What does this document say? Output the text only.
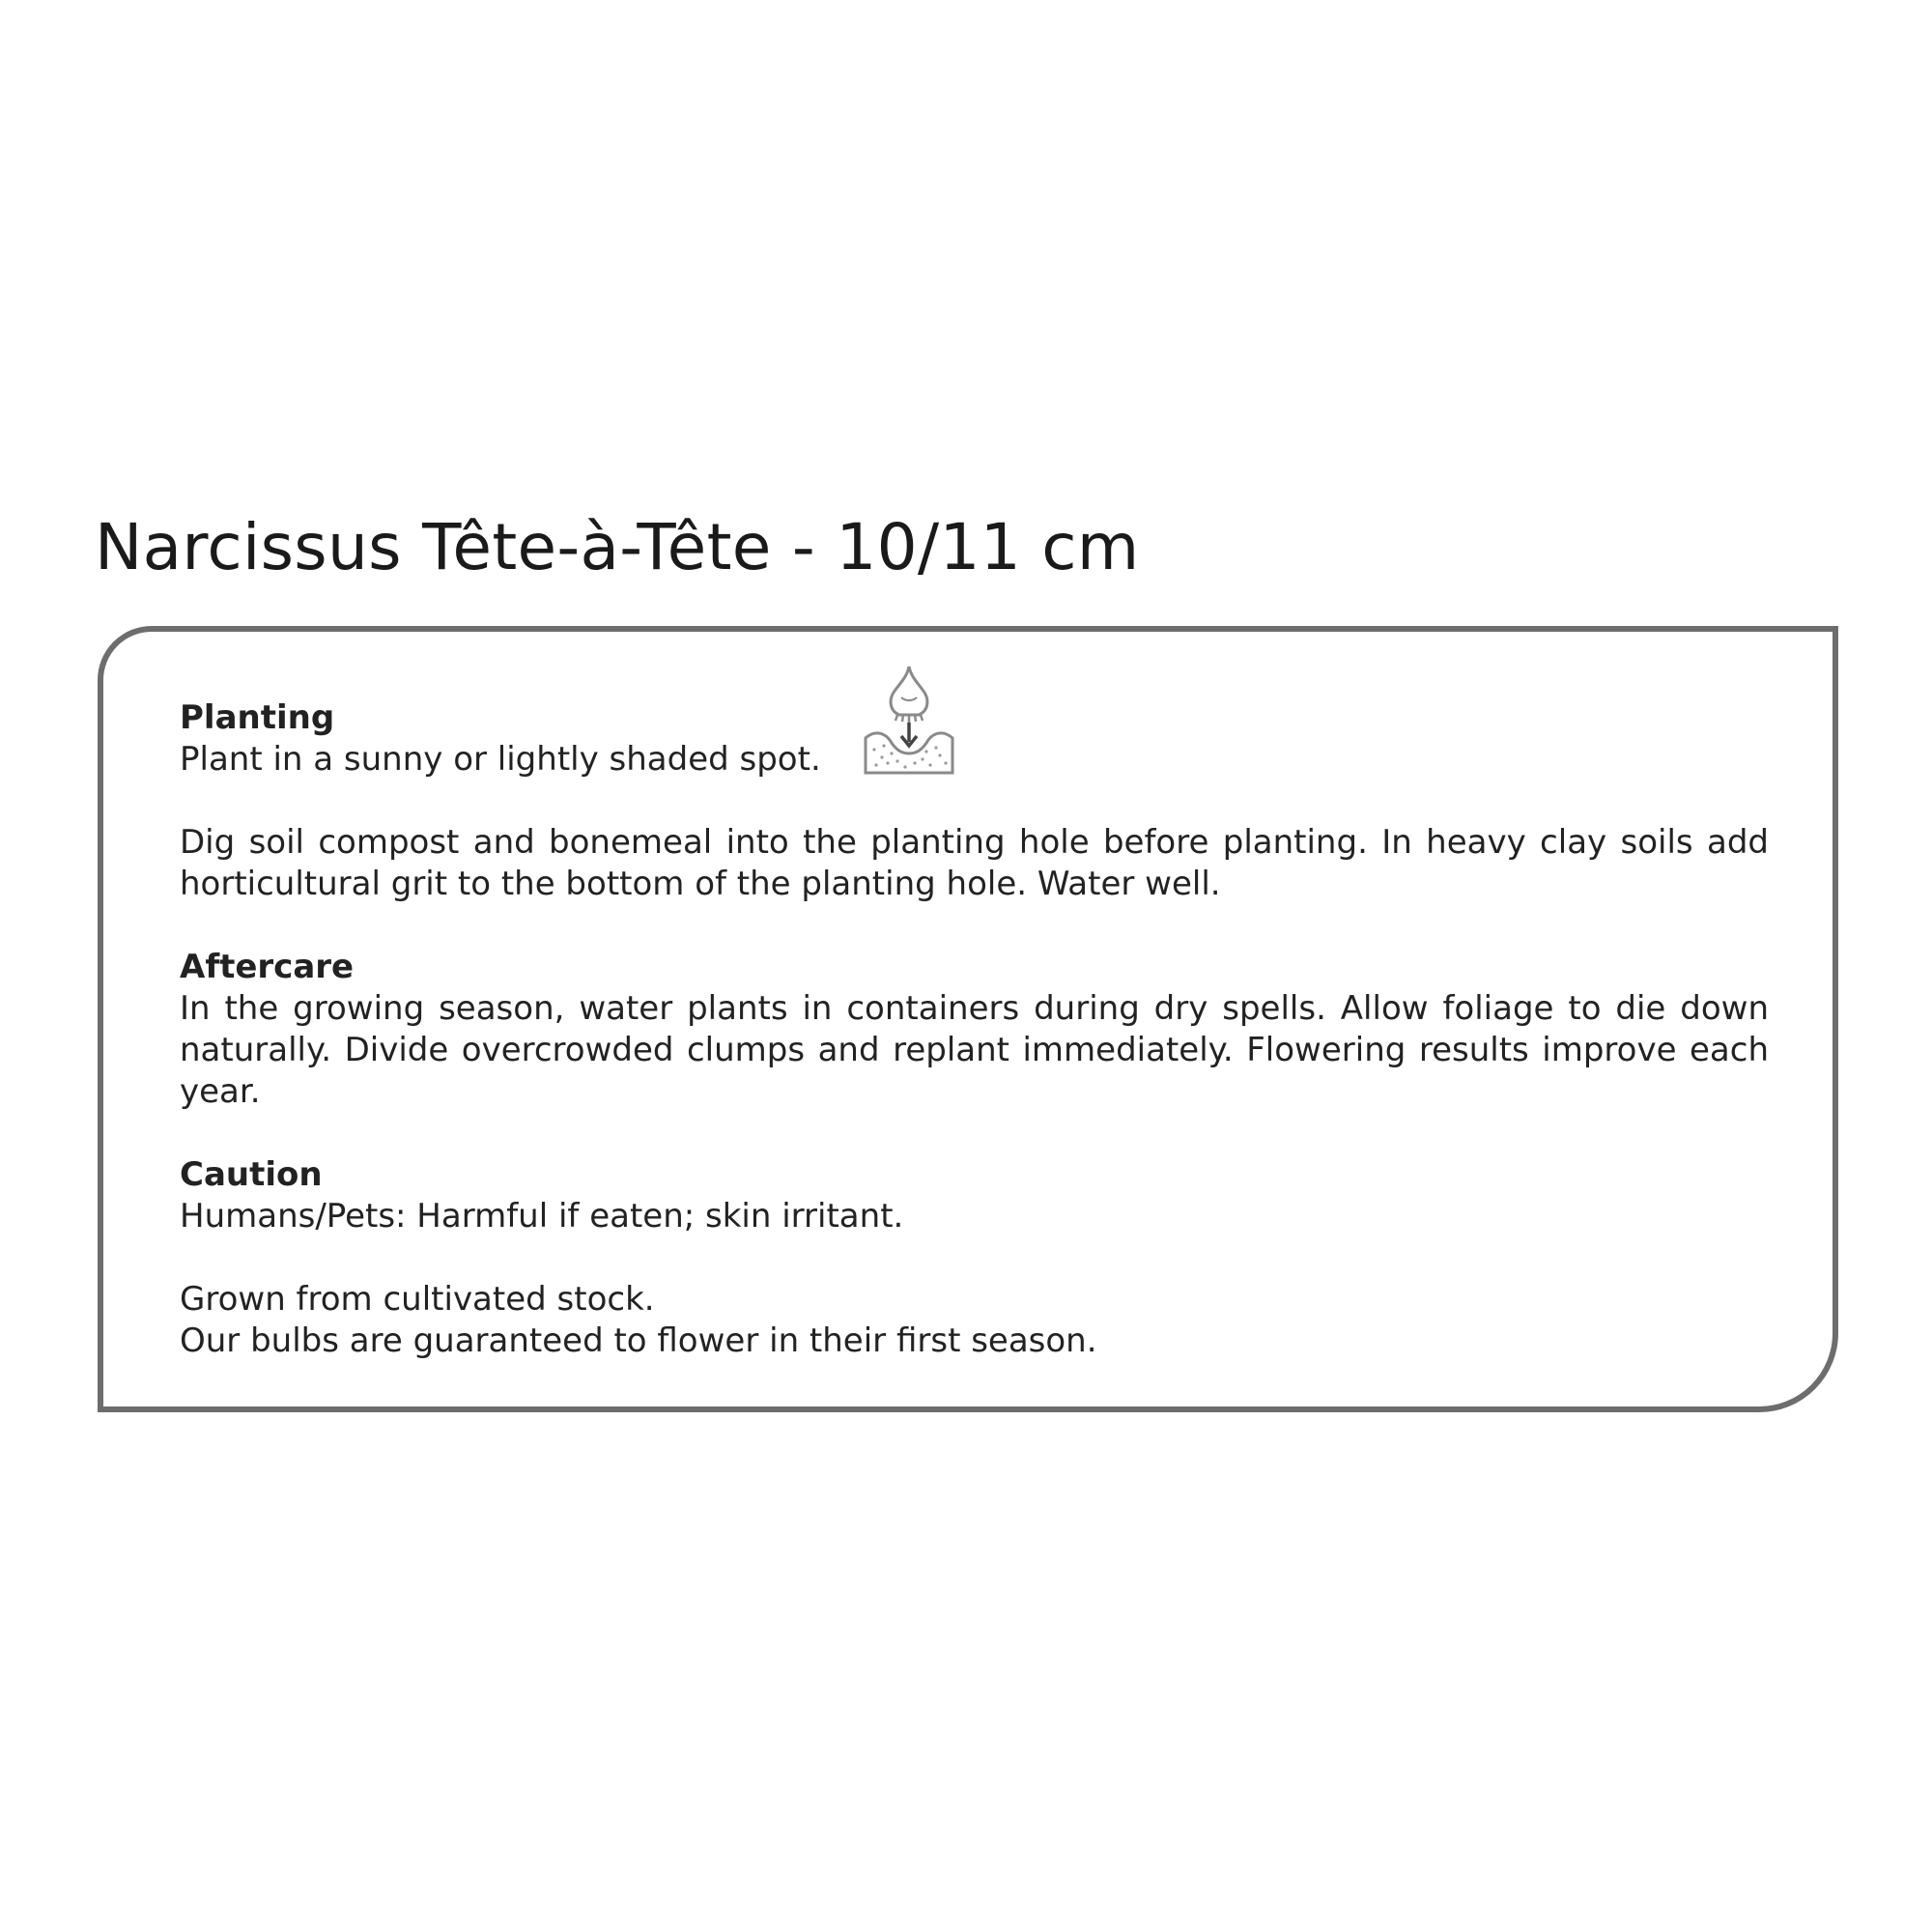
Narcissus Tête-à-Tête - 10/11 cm

Planting

Plant in a sunny or lightly shaded spot.

Dig soil compost and bonemeal into the planting hole before planting. In heavy clay soils add horticultural grit to the bottom of the planting hole. Water well.

Aftercare

In the growing season, water plants in containers during dry spells. Allow foliage to die down naturally. Divide overcrowded clumps and replant immediately. Flowering results improve each year.

Caution

Humans/Pets: Harmful if eaten; skin irritant.

Grown from cultivated stock.

Our bulbs are guaranteed to flower in their first season.
